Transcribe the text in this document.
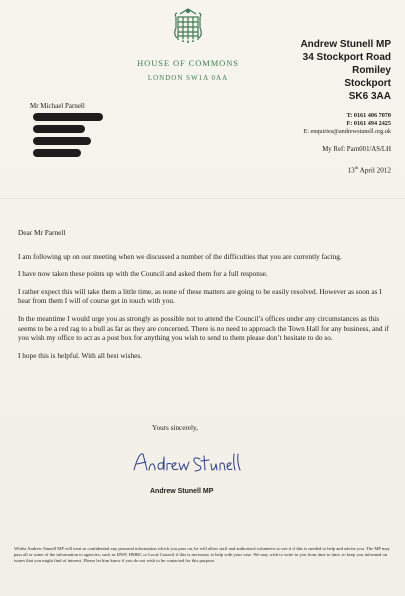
HOUSE OF COMMONS
LONDON SW1A 0AA
Andrew Stunell MP
34 Stockport Road
Romiley
Stockport
SK6 3AA
T: 0161 406 7070
F: 0161 494 2425
E: enquiries@andrewstunell.org.uk
My Ref: Parn001/AS/LH
13th April 2012
Mr Michael Parnell

Dear Mr Parnell

I am following up on our meeting when we discussed a number of the difficulties that you are currently facing.

I have now taken these points up with the Council and asked them for a full response.

I rather expect this will take them a little time, as none of these matters are going to be easily resolved. However as soon as I hear from them I will of course get in touch with you.

In the meantime I would urge you as strongly as possible not to attend the Council’s offices under any circumstances as this seems to be a red rag to a bull as far as they are concerned. There is no need to approach the Town Hall for any business, and if you wish my office to act as a post box for anything you wish to send to them please don’t hesitate to do so.

I hope this is helpful. With all best wishes.

Yours sincerely,
Andrew Stunell MP
Whilst Andrew Stunell MP will treat as confidential any personal information which you pass on, he will allow staff and authorised volunteers to see it if this is needed to help and advise you. The MP may pass all or some of the information to agencies, such as DWP, HMRC or Local Council if this is necessary to help with your case. We may wish to write to you from time to time, to keep you informed on issues that you might find of interest. Please let him know if you do not wish to be contacted for this purpose.
